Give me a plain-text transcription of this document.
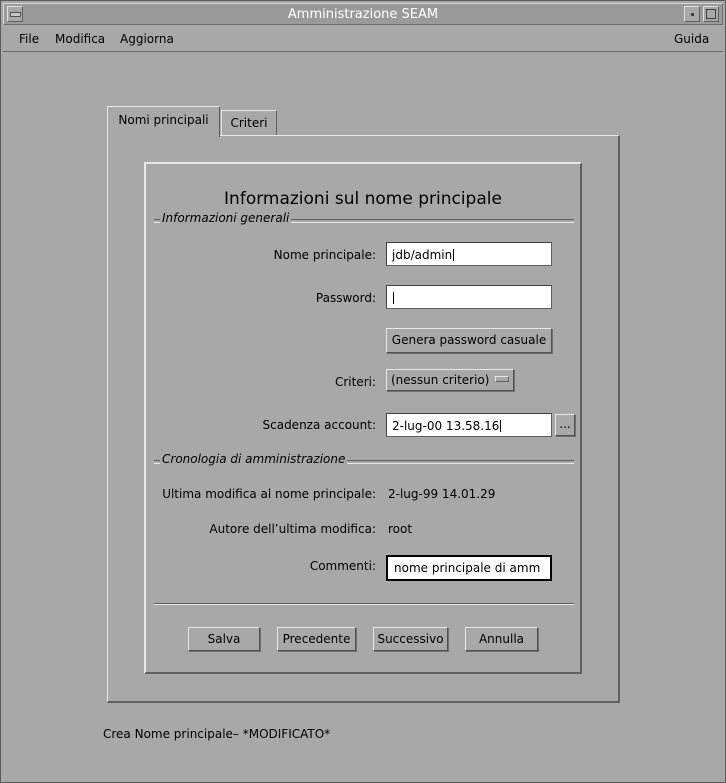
Amministrazione SEAM
File Modifica Aggiorna	Guida
Nomi principali	Criteri
Informazioni sul nome principale
Informazioni generali
Nome principale:	jdb/admin
Password:
Genera password casuale
Criteri:	(nessun criterio)
Scadenza account:	2-lug-00 13.58.16	...
Cronologia di amministrazione
Ultima modifica al nome principale: 2-lug-99 14.01.29
Autore dell’ultima modifica: root
Commenti:	nome principale di amm
Salva	Precedente	Successivo	Annulla
Crea Nome principale– *MODIFICATO*
